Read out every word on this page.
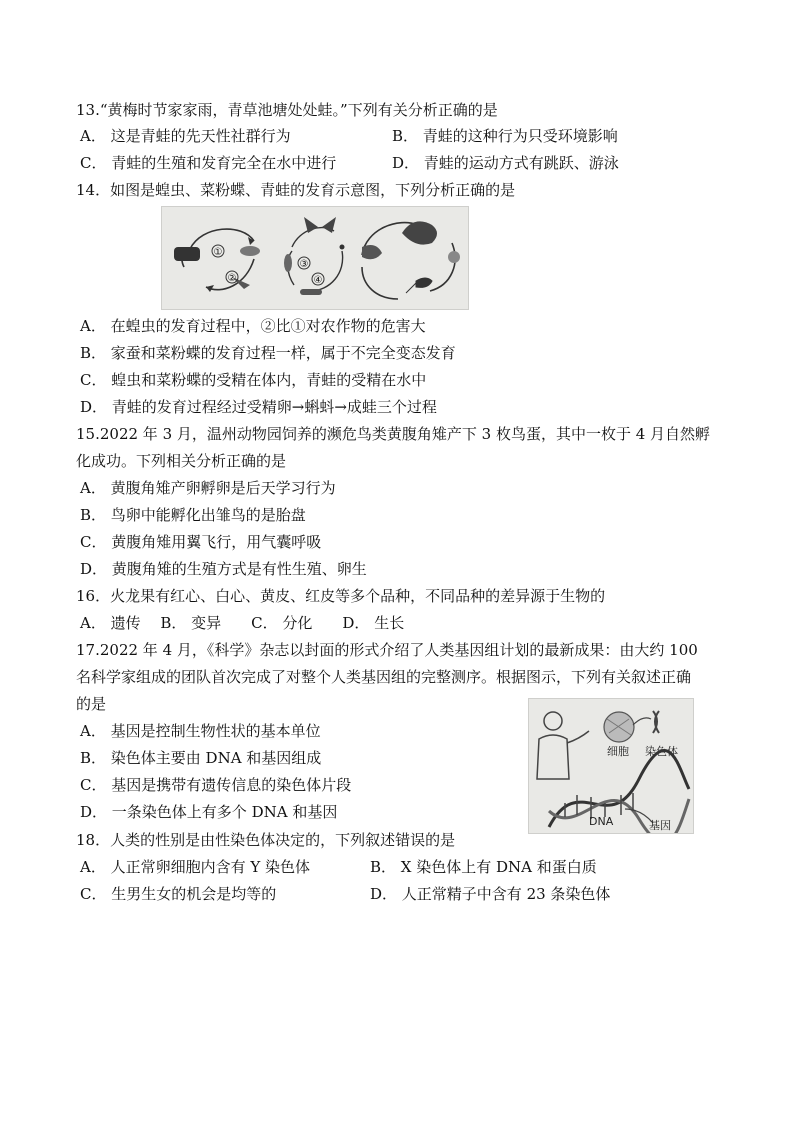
13.“黄梅时节家家雨，青草池塘处处蛙。”下列有关分析正确的是
A． 这是青蛙的先天性社群行为	B． 青蛙的这种行为只受环境影响
C． 青蛙的生殖和发育完全在水中进行	D． 青蛙的运动方式有跳跃、游泳
14．如图是蝗虫、菜粉蝶、青蛙的发育示意图，下列分析正确的是
①
②
③
④
A． 在蝗虫的发育过程中，②比①对农作物的危害大
B． 家蚕和菜粉蝶的发育过程一样，属于不完全变态发育
C． 蝗虫和菜粉蝶的受精在体内，青蛙的受精在水中
D． 青蛙的发育过程经过受精卵→蝌蚪→成蛙三个过程
15.2022 年 3 月，温州动物园饲养的濒危鸟类黄腹角雉产下 3 枚鸟蛋，其中一枚于 4 月自然孵
化成功。下列相关分析正确的是
A． 黄腹角雉产卵孵卵是后天学习行为
B． 鸟卵中能孵化出雏鸟的是胎盘
C． 黄腹角雉用翼飞行，用气囊呼吸
D． 黄腹角雉的生殖方式是有性生殖、卵生
16．火龙果有红心、白心、黄皮、红皮等多个品种，不同品种的差异源于生物的
A． 遗传　 B． 变异　　C． 分化　　D． 生长
17.2022 年 4 月，《科学》杂志以封面的形式介绍了人类基因组计划的最新成果：由大约 100
名科学家组成的团队首次完成了对整个人类基因组的完整测序。根据图示，下列有关叙述正确
的是
A． 基因是控制生物性状的基本单位
B． 染色体主要由 DNA 和基因组成
C． 基因是携带有遗传信息的染色体片段
D． 一条染色体上有多个 DNA 和基因
细胞 染色体
DNA	基因
18．人类的性别是由性染色体决定的，下列叙述错误的是
A． 人正常卵细胞内含有 Y 染色体	B． X 染色体上有 DNA 和蛋白质
C． 生男生女的机会是均等的	D． 人正常精子中含有 23 条染色体
